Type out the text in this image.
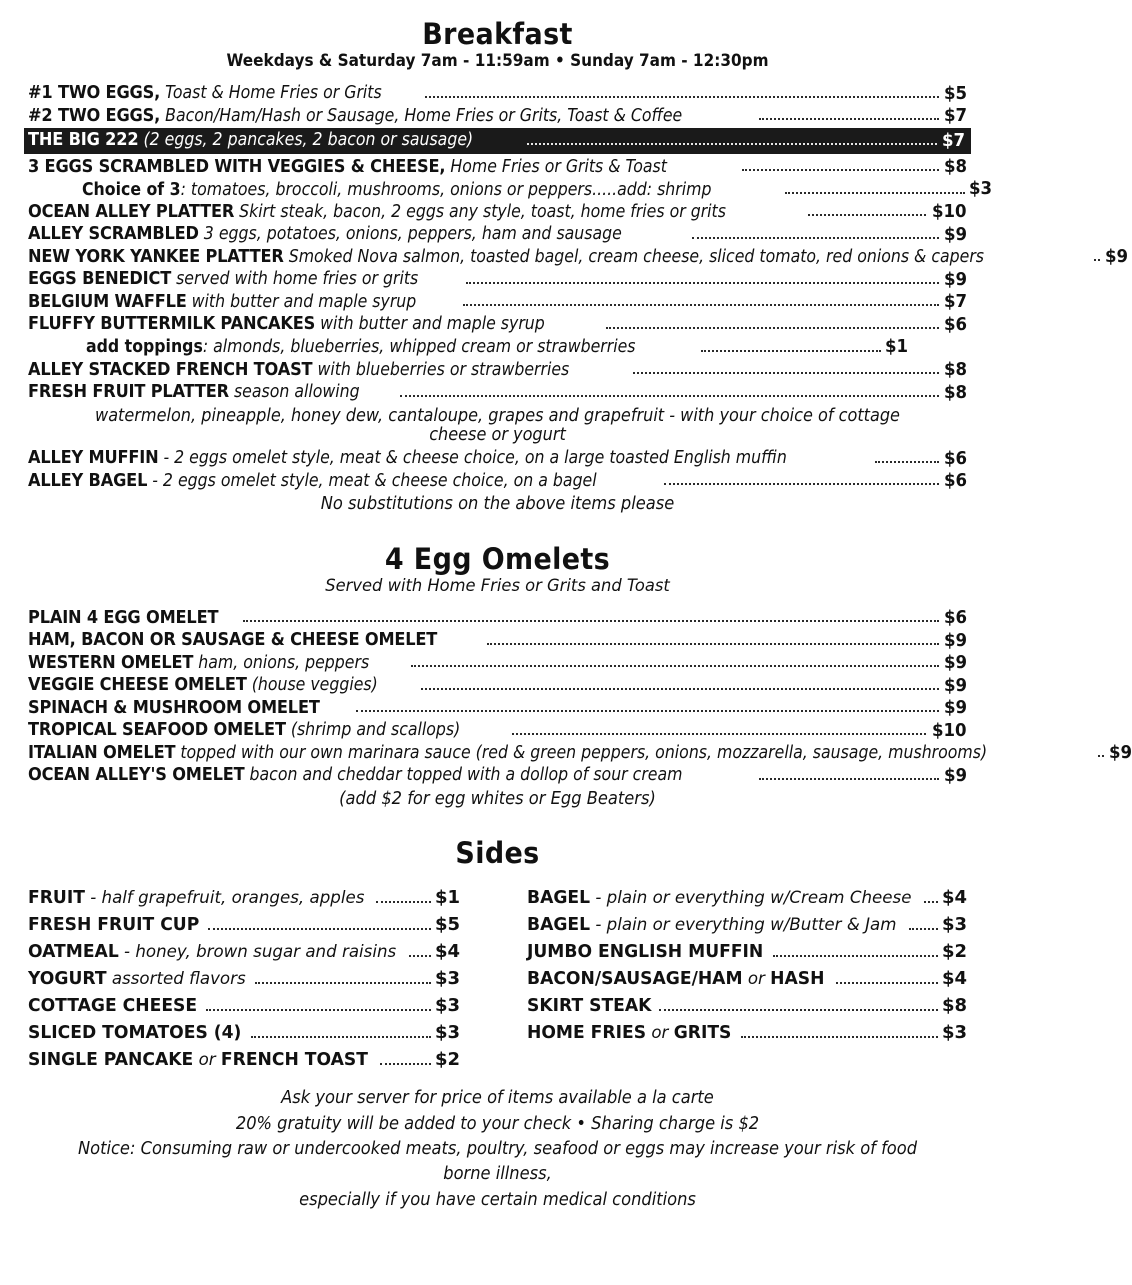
Breakfast
Weekdays & Saturday 7am - 11:59am • Sunday 7am - 12:30pm
#1 TWO EGGS, Toast & Home Fries or Grits	$5
#2 TWO EGGS, Bacon/Ham/Hash or Sausage, Home Fries or Grits, Toast & Coffee	$7
THE BIG 222 (2 eggs, 2 pancakes, 2 bacon or sausage)	$7
3 EGGS SCRAMBLED WITH VEGGIES & CHEESE, Home Fries or Grits & Toast	$8
Choice of 3: tomatoes, broccoli, mushrooms, onions or peppers.....add: shrimp	$3
OCEAN ALLEY PLATTER Skirt steak, bacon, 2 eggs any style, toast, home fries or grits	$10
ALLEY SCRAMBLED 3 eggs, potatoes, onions, peppers, ham and sausage	$9
NEW YORK YANKEE PLATTER Smoked Nova salmon, toasted bagel, cream cheese, sliced tomato, red onions & capers	$9
EGGS BENEDICT served with home fries or grits	$9
BELGIUM WAFFLE with butter and maple syrup	$7
FLUFFY BUTTERMILK PANCAKES with butter and maple syrup	$6
add toppings: almonds, blueberries, whipped cream or strawberries	$1
ALLEY STACKED FRENCH TOAST with blueberries or strawberries	$8
FRESH FRUIT PLATTER season allowing	$8
watermelon, pineapple, honey dew, cantaloupe, grapes and grapefruit - with your choice of cottage cheese or yogurt
ALLEY MUFFIN - 2 eggs omelet style, meat & cheese choice, on a large toasted English muffin	$6
ALLEY BAGEL - 2 eggs omelet style, meat & cheese choice, on a bagel	$6
No substitutions on the above items please
4 Egg Omelets
Served with Home Fries or Grits and Toast
PLAIN 4 EGG OMELET	$6
HAM, BACON OR SAUSAGE & CHEESE OMELET	$9
WESTERN OMELET ham, onions, peppers	$9
VEGGIE CHEESE OMELET (house veggies)	$9
SPINACH & MUSHROOM OMELET	$9
TROPICAL SEAFOOD OMELET (shrimp and scallops)	$10
ITALIAN OMELET topped with our own marinara sauce (red & green peppers, onions, mozzarella, sausage, mushrooms)	$9
OCEAN ALLEY'S OMELET bacon and cheddar topped with a dollop of sour cream	$9
(add $2 for egg whites or Egg Beaters)
Sides
FRUIT - half grapefruit, oranges, apples	$1
FRESH FRUIT CUP	$5
OATMEAL - honey, brown sugar and raisins $4
YOGURT assorted flavors	$3
COTTAGE CHEESE	$3
SLICED TOMATOES (4)	$3
SINGLE PANCAKE or FRENCH TOAST	$2
BAGEL - plain or everything w/Cream Cheese $4
BAGEL - plain or everything w/Butter & Jam	$3
JUMBO ENGLISH MUFFIN	$2
BACON/SAUSAGE/HAM or HASH	$4
SKIRT STEAK	$8
HOME FRIES or GRITS	$3
Ask your server for price of items available a la carte
20% gratuity will be added to your check • Sharing charge is $2
Notice: Consuming raw or undercooked meats, poultry, seafood or eggs may increase your risk of food borne illness,
especially if you have certain medical conditions
